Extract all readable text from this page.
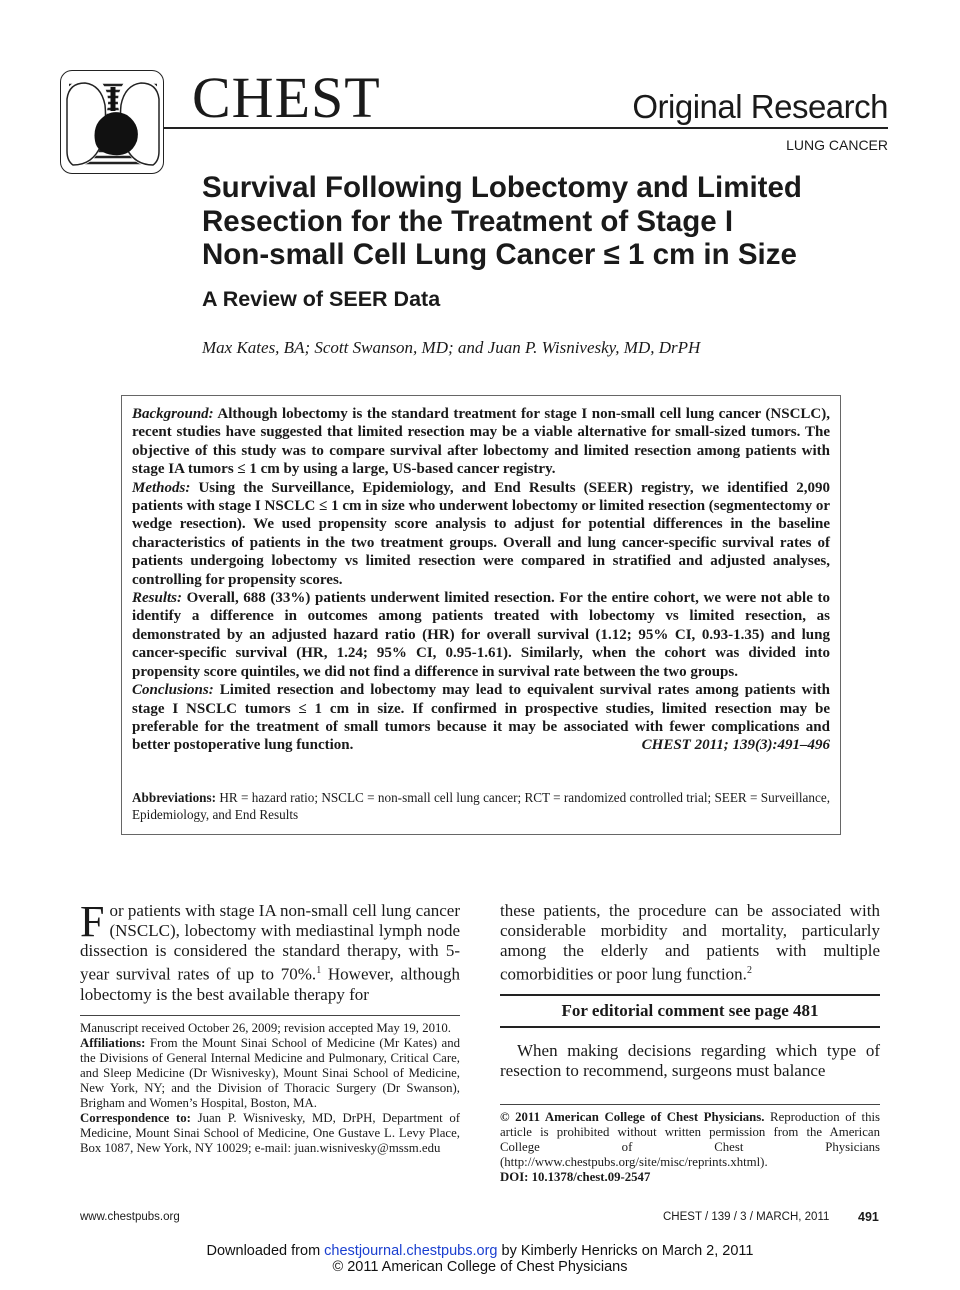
CHEST	Original Research
LUNG CANCER
Survival Following Lobectomy and Limited
Resection for the Treatment of Stage I
Non-small Cell Lung Cancer ≤ 1 cm in Size
A Review of SEER Data
Max Kates, BA; Scott Swanson, MD; and Juan P. Wisnivesky, MD, DrPH

Background: Although lobectomy is the standard treatment for stage I non-small cell lung cancer (NSCLC), recent studies have suggested that limited resection may be a viable alternative for small-sized tumors. The objective of this study was to compare survival after lobectomy and limited resection among patients with stage IA tumors ≤ 1 cm by using a large, US-based cancer registry.

Methods: Using the Surveillance, Epidemiology, and End Results (SEER) registry, we identified 2,090 patients with stage I NSCLC ≤ 1 cm in size who underwent lobectomy or limited resection (segmentectomy or wedge resection). We used propensity score analysis to adjust for potential differences in the baseline characteristics of patients in the two treatment groups. Overall and lung cancer-specific survival rates of patients undergoing lobectomy vs limited resection were compared in stratified and adjusted analyses, controlling for propensity scores.

Results: Overall, 688 (33%) patients underwent limited resection. For the entire cohort, we were not able to identify a difference in outcomes among patients treated with lobectomy vs limited resection, as demonstrated by an adjusted hazard ratio (HR) for overall survival (1.12; 95% CI, 0.93-1.35) and lung cancer-specific survival (HR, 1.24; 95% CI, 0.95-1.61). Similarly, when the cohort was divided into propensity score quintiles, we did not find a difference in survival rate between the two groups.

Conclusions: Limited resection and lobectomy may lead to equivalent survival rates among patients with stage I NSCLC tumors ≤ 1 cm in size. If confirmed in prospective studies, limited resection may be preferable for the treatment of small tumors because it may be associated with fewer complications and better postoperative lung function.	CHEST 2011; 139(3):491–496

Abbreviations: HR = hazard ratio; NSCLC = non-small cell lung cancer; RCT = randomized controlled trial; SEER = Surveillance, Epidemiology, and End Results
For patients with stage IA non-small cell lung cancer (NSCLC), lobectomy with mediastinal lymph node dissection is considered the standard therapy, with 5-year survival rates of up to 70%.$^1$ However, although lobectomy is the best available therapy for

Manuscript received October 26, 2009; revision accepted May 19, 2010.

Affiliations: From the Mount Sinai School of Medicine (Mr Kates) and the Divisions of General Internal Medicine and Pulmonary, Critical Care, and Sleep Medicine (Dr Wisnivesky), Mount Sinai School of Medicine, New York, NY; and the Division of Thoracic Surgery (Dr Swanson), Brigham and Women’s Hospital, Boston, MA.

Correspondence to: Juan P. Wisnivesky, MD, DrPH, Department of Medicine, Mount Sinai School of Medicine, One Gustave L. Levy Place, Box 1087, New York, NY 10029; e-mail: juan.wisnivesky@mssm.edu

these patients, the procedure can be associated with considerable morbidity and mortality, particularly among the elderly and patients with multiple comorbidities or poor lung function.$^2$
For editorial comment see page 481
When making decisions regarding which type of resection to recommend, surgeons must balance

© 2011 American College of Chest Physicians. Reproduction of this article is prohibited without written permission from the American College of Chest Physicians (http://www.chestpubs.org/site/misc/reprints.xhtml).

DOI: 10.1378/chest.09-2547

www.chestpubs.org	CHEST / 139 / 3 / MARCH, 2011 491
Downloaded from chestjournal.chestpubs.org by Kimberly Henricks on March 2, 2011
© 2011 American College of Chest Physicians
